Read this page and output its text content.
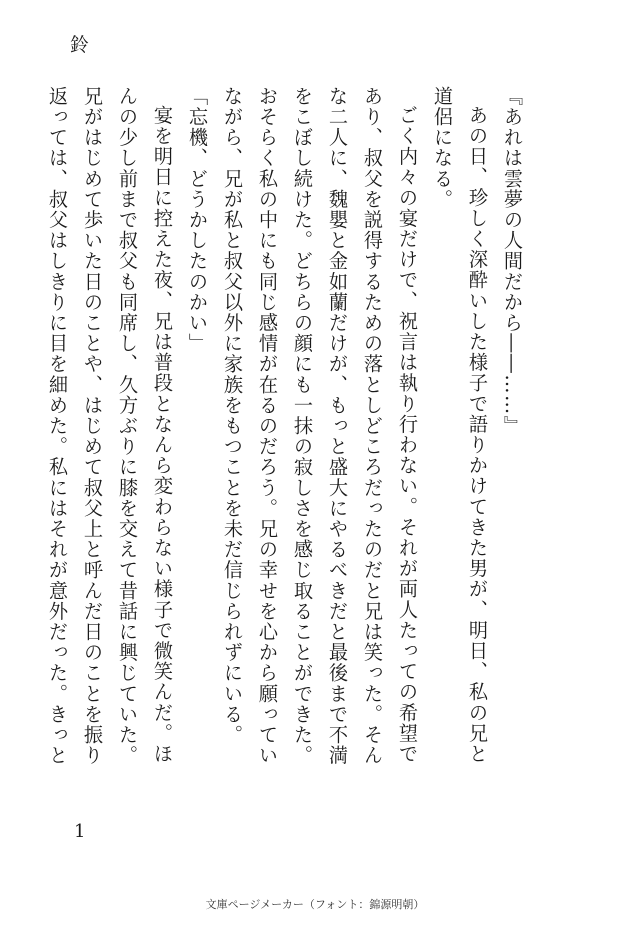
鈴

『あれは雲夢の人間だから――……』

あの日、珍しく深酔いした様子で語りかけてきた男が、明日、私の兄と

道侶になる。

ごく内々の宴だけで、祝言は執り行わない。それが両人たっての希望で

あり、叔父を説得するための落としどころだったのだと兄は笑った。そん

な二人に、魏嬰と金如蘭だけが、もっと盛大にやるべきだと最後まで不満

をこぼし続けた。どちらの顔にも一抹の寂しさを感じ取ることができた。

おそらく私の中にも同じ感情が在るのだろう。兄の幸せを心から願ってい

ながら、兄が私と叔父以外に家族をもつことを未だ信じられずにいる。

「忘機、どうかしたのかい」

宴を明日に控えた夜、兄は普段となんら変わらない様子で微笑んだ。ほ

んの少し前まで叔父も同席し、久方ぶりに膝を交えて昔話に興じていた。

兄がはじめて歩いた日のことや、はじめて叔父上と呼んだ日のことを振り

返っては、叔父はしきりに目を細めた。私にはそれが意外だった。きっと

1
文庫ページメーカー（フォント：錦源明朝）
